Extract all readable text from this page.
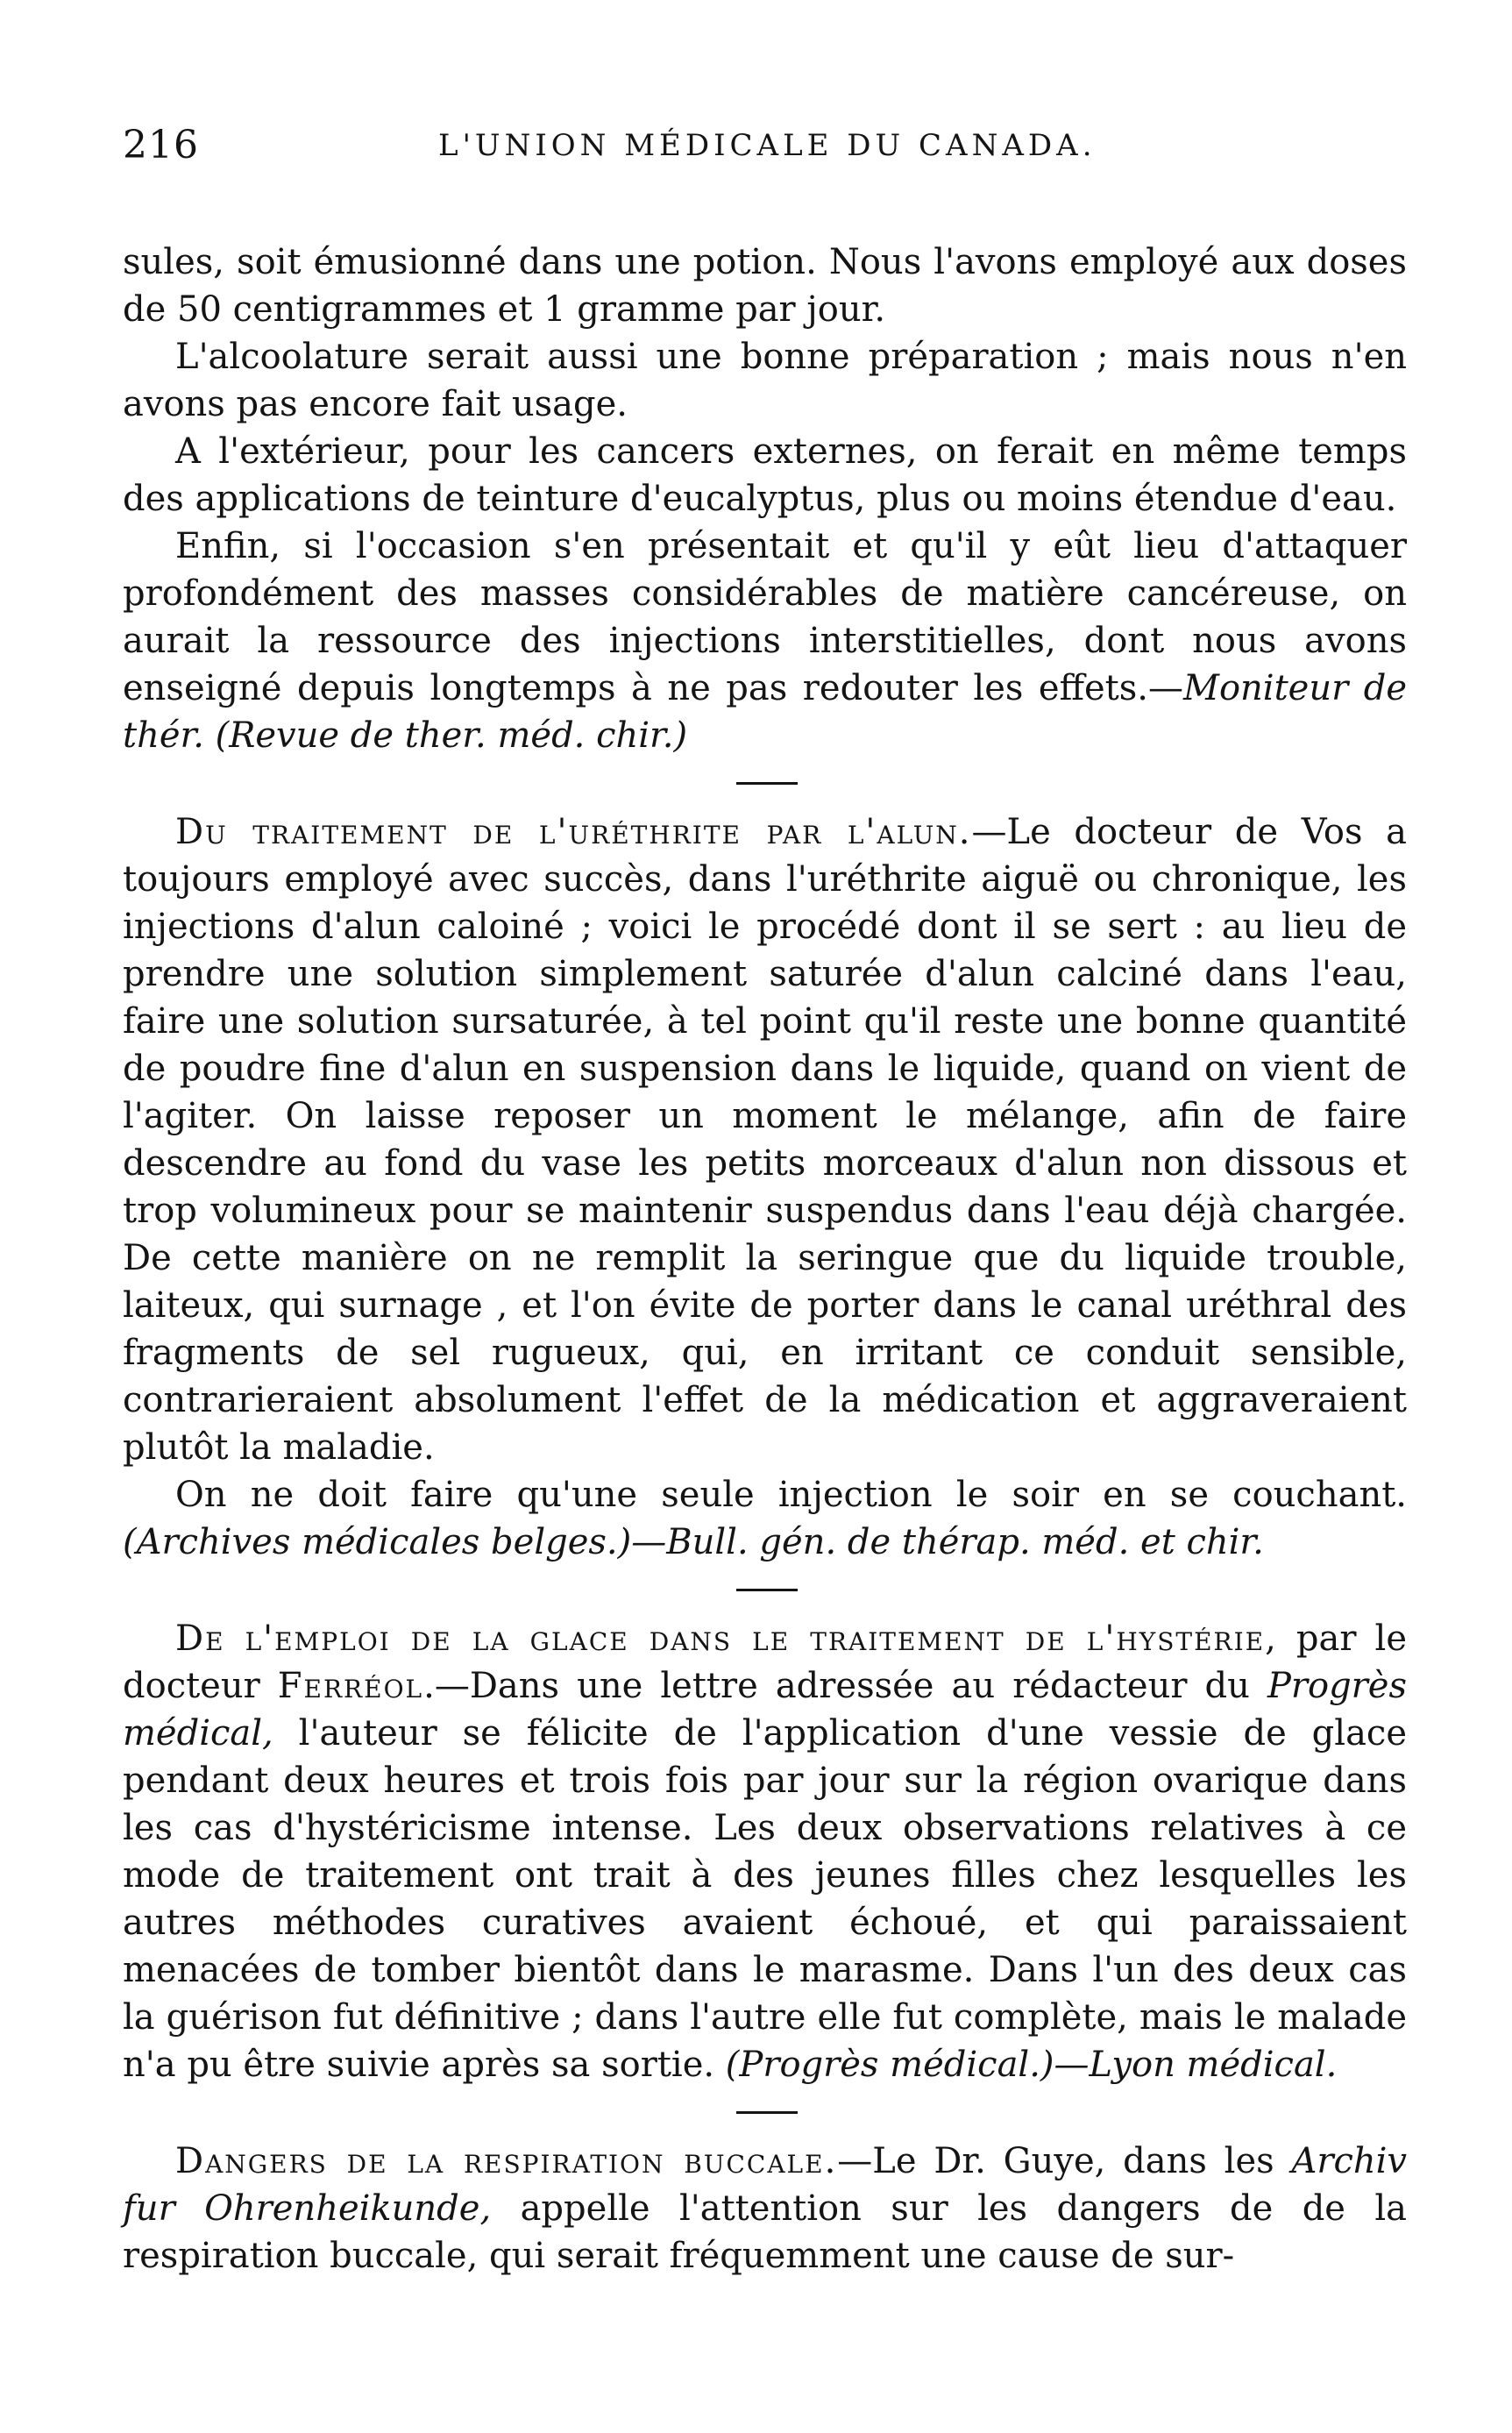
216	L'UNION MÉDICALE DU CANADA.

sules, soit émusionné dans une potion. Nous l'avons employé aux doses de 50 centigrammes et 1 gramme par jour.

L'alcoolature serait aussi une bonne préparation ; mais nous n'en avons pas encore fait usage.

A l'extérieur, pour les cancers externes, on ferait en même temps des applications de teinture d'eucalyptus, plus ou moins étendue d'eau.

Enfin, si l'occasion s'en présentait et qu'il y eût lieu d'attaquer profondément des masses considérables de matière cancéreuse, on aurait la ressource des injections interstitielles, dont nous avons enseigné depuis longtemps à ne pas redouter les effets.—Moniteur de thér. (Revue de ther. méd. chir.)

Du traitement de l'uréthrite par l'alun.—Le docteur de Vos a toujours employé avec succès, dans l'uréthrite aiguë ou chronique, les injections d'alun caloiné ; voici le procédé dont il se sert : au lieu de prendre une solution simplement saturée d'alun calciné dans l'eau, faire une solution sursaturée, à tel point qu'il reste une bonne quantité de poudre fine d'alun en suspension dans le liquide, quand on vient de l'agiter. On laisse reposer un moment le mélange, afin de faire descendre au fond du vase les petits morceaux d'alun non dissous et trop volumineux pour se maintenir suspendus dans l'eau déjà chargée. De cette manière on ne remplit la seringue que du liquide trouble, laiteux, qui surnage , et l'on évite de porter dans le canal uréthral des fragments de sel rugueux, qui, en irritant ce conduit sensible, contrarieraient absolument l'effet de la médication et aggraveraient plutôt la maladie.

On ne doit faire qu'une seule injection le soir en se couchant. (Archives médicales belges.)—Bull. gén. de thérap. méd. et chir.

De l'emploi de la glace dans le traitement de l'hystérie, par le docteur Ferréol.—Dans une lettre adressée au rédacteur du Progrès médical, l'auteur se félicite de l'application d'une vessie de glace pendant deux heures et trois fois par jour sur la région ovarique dans les cas d'hystéricisme intense. Les deux observations relatives à ce mode de traitement ont trait à des jeunes filles chez lesquelles les autres méthodes curatives avaient échoué, et qui paraissaient menacées de tomber bientôt dans le marasme. Dans l'un des deux cas la guérison fut définitive ; dans l'autre elle fut complète, mais le malade n'a pu être suivie après sa sortie. (Progrès médical.)—Lyon médical.

Dangers de la respiration buccale.—Le Dr. Guye, dans les Archiv fur Ohrenheikunde, appelle l'attention sur les dangers de de la respiration buccale, qui serait fréquemment une cause de sur-
